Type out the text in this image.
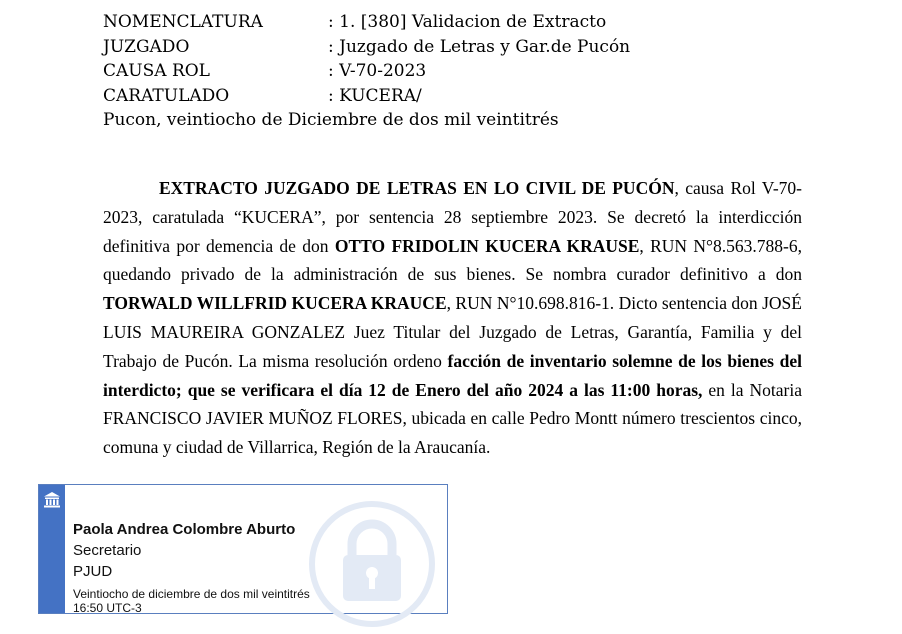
NOMENCLATURA	: 1. [380] Validacion de Extracto
JUZGADO	: Juzgado de Letras y Gar.de Pucón
CAUSA ROL	: V-70-2023
CARATULADO	: KUCERA/
Pucon, veintiocho de Diciembre de dos mil veintitrés

EXTRACTO JUZGADO DE LETRAS EN LO CIVIL DE PUCÓN, causa Rol V-70-2023, caratulada “KUCERA”, por sentencia 28 septiembre 2023. Se decretó la interdicción definitiva por demencia de don OTTO FRIDOLIN KUCERA KRAUSE, RUN N°8.563.788-6, quedando privado de la administración de sus bienes. Se nombra curador definitivo a don TORWALD WILLFRID KUCERA KRAUCE, RUN N°10.698.816-1. Dicto sentencia don JOSÉ LUIS MAUREIRA GONZALEZ Juez Titular del Juzgado de Letras, Garantía, Familia y del Trabajo de Pucón. La misma resolución ordeno facción de inventario solemne de los bienes del interdicto; que se verificara el día 12 de Enero del año 2024 a las 11:00 horas, en la Notaria FRANCISCO JAVIER MUÑOZ FLORES, ubicada en calle Pedro Montt número trescientos cinco, comuna y ciudad de Villarrica, Región de la Araucanía.

Paola Andrea Colombre Aburto
Secretario
PJUD
Veintiocho de diciembre de dos mil veintitrés
16:50 UTC-3
